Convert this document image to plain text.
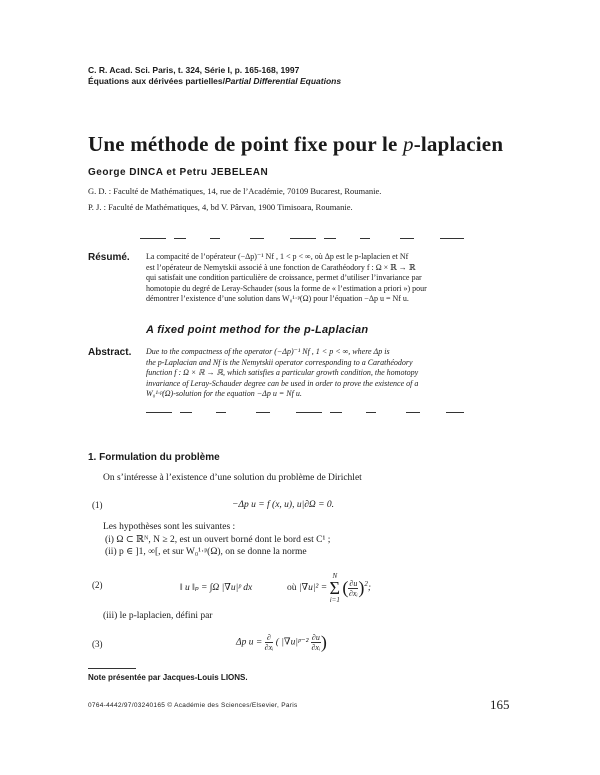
C. R. Acad. Sci. Paris, t. 324, Série I, p. 165-168, 1997
Équations aux dérivées partielles/Partial Differential Equations
Une méthode de point fixe pour le p-laplacien
George DINCA et Petru JEBELEAN
G. D. : Faculté de Mathématiques, 14, rue de l’Académie, 70109 Bucarest, Roumanie.
P. J. : Faculté de Mathématiques, 4, bd V. Pârvan, 1900 Timisoara, Roumanie.
Résumé. La compacité de l’opérateur (−Δp)⁻¹ Nf , 1 < p < ∞, où Δp est le p-laplacien et Nf
est l’opérateur de Nemytskii associé à une fonction de Carathéodory f : Ω × ℝ → ℝ
qui satisfait une condition particulière de croissance, permet d’utiliser l’invariance par
homotopie du degré de Leray-Schauder (sous la forme de « l’estimation a priori ») pour
démontrer l’existence d’une solution dans W₀¹·ᵖ(Ω) pour l’équation −Δp u = Nf u.
A fixed point method for the p-Laplacian
Abstract. Due to the compactness of the operator (−Δp)⁻¹ Nf , 1 < p < ∞, where Δp is
the p-Laplacian and Nf is the Nemytskii operator corresponding to a Carathéodory
function f : Ω × ℝ → ℝ, which satisfies a particular growth condition, the homotopy
invariance of Leray-Schauder degree can be used in order to prove the existence of a
W₀¹·ᵖ(Ω)-solution for the equation −Δp u = Nf u.
1. Formulation du problème
On s’intéresse à l’existence d’une solution du problème de Dirichlet
(1)	−Δp u = f (x, u), u|∂Ω = 0.
Les hypothèses sont les suivantes :
(i) Ω ⊂ ℝᴺ, N ≥ 2, est un ouvert borné dont le bord est C¹ ;
(ii) p ∈ ]1, ∞[, et sur W₀¹·ᵖ(Ω), on se donne la norme
(2)	‖ u ‖ₚ = ∫Ω |∇u|ᵖ dx	où |∇u|² =
N
Σ
i=1
( $\frac{\partial u}{\text{∂xᵢ}} )^2$;
(iii) le p-laplacien, défini par
(3)	Δp $u = \frac{\partial}{\text{∂xᵢ}}$ ( |∇u|ᵖ⁻² $\frac{\partial u}{\text{∂xᵢ}}$ )
Note présentée par Jacques-Louis LIONS.
0764-4442/97/03240165 © Académie des Sciences/Elsevier, Paris	165
